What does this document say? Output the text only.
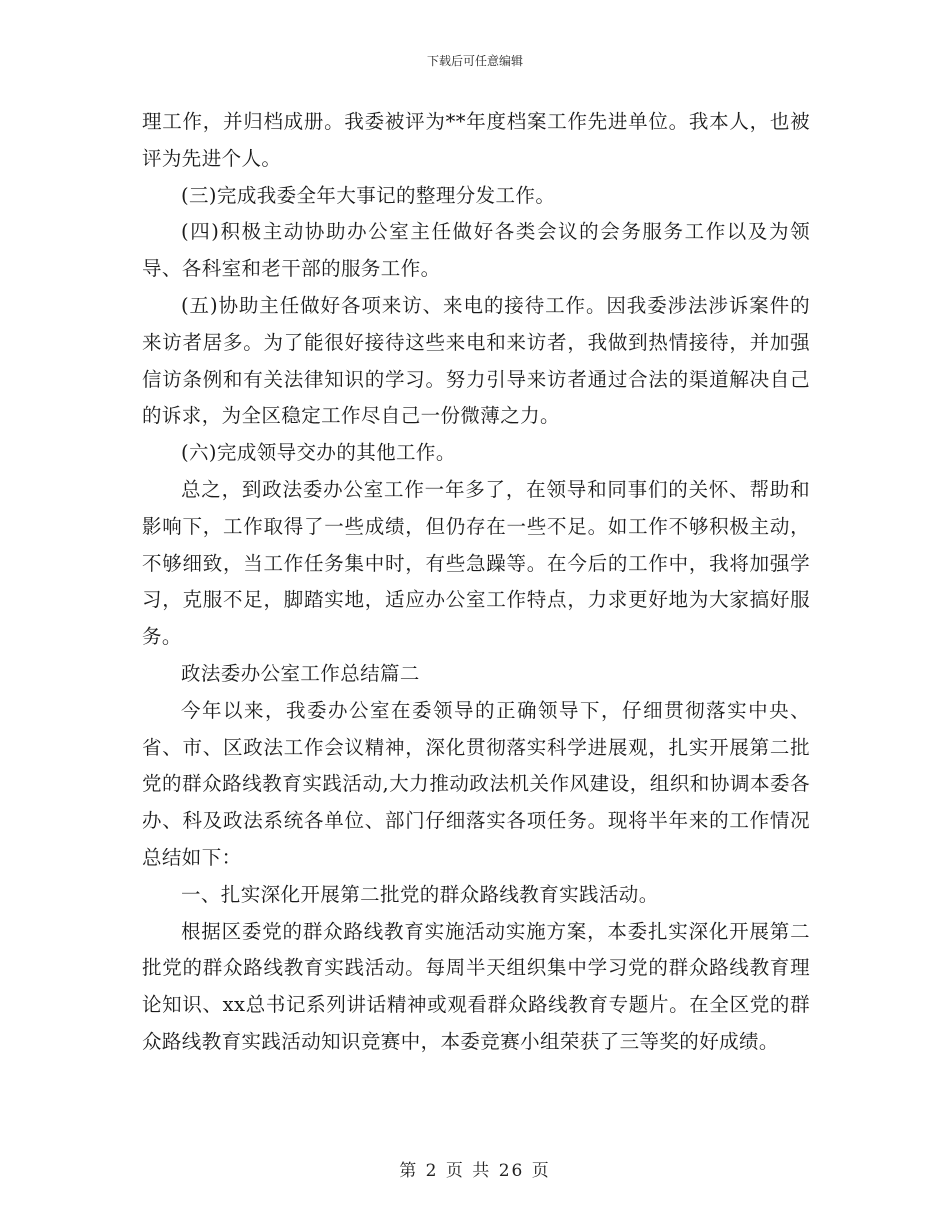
下载后可任意编辑

理工作，并归档成册。我委被评为**年度档案工作先进单位。我本人，也被评为先进个人。

(三)完成我委全年大事记的整理分发工作。

(四)积极主动协助办公室主任做好各类会议的会务服务工作以及为领导、各科室和老干部的服务工作。

(五)协助主任做好各项来访、来电的接待工作。因我委涉法涉诉案件的来访者居多。为了能很好接待这些来电和来访者，我做到热情接待，并加强信访条例和有关法律知识的学习。努力引导来访者通过合法的渠道解决自己的诉求，为全区稳定工作尽自己一份微薄之力。

(六)完成领导交办的其他工作。

总之，到政法委办公室工作一年多了，在领导和同事们的关怀、帮助和影响下，工作取得了一些成绩，但仍存在一些不足。如工作不够积极主动，不够细致，当工作任务集中时，有些急躁等。在今后的工作中，我将加强学习，克服不足，脚踏实地，适应办公室工作特点，力求更好地为大家搞好服务。

政法委办公室工作总结篇二

今年以来，我委办公室在委领导的正确领导下，仔细贯彻落实中央、省、市、区政法工作会议精神，深化贯彻落实科学进展观，扎实开展第二批党的群众路线教育实践活动,大力推动政法机关作风建设，组织和协调本委各办、科及政法系统各单位、部门仔细落实各项任务。现将半年来的工作情况总结如下：

一、扎实深化开展第二批党的群众路线教育实践活动。

根据区委党的群众路线教育实施活动实施方案，本委扎实深化开展第二批党的群众路线教育实践活动。每周半天组织集中学习党的群众路线教育理论知识、xx总书记系列讲话精神或观看群众路线教育专题片。在全区党的群众路线教育实践活动知识竞赛中，本委竞赛小组荣获了三等奖的好成绩。

第 2 页 共 26 页
